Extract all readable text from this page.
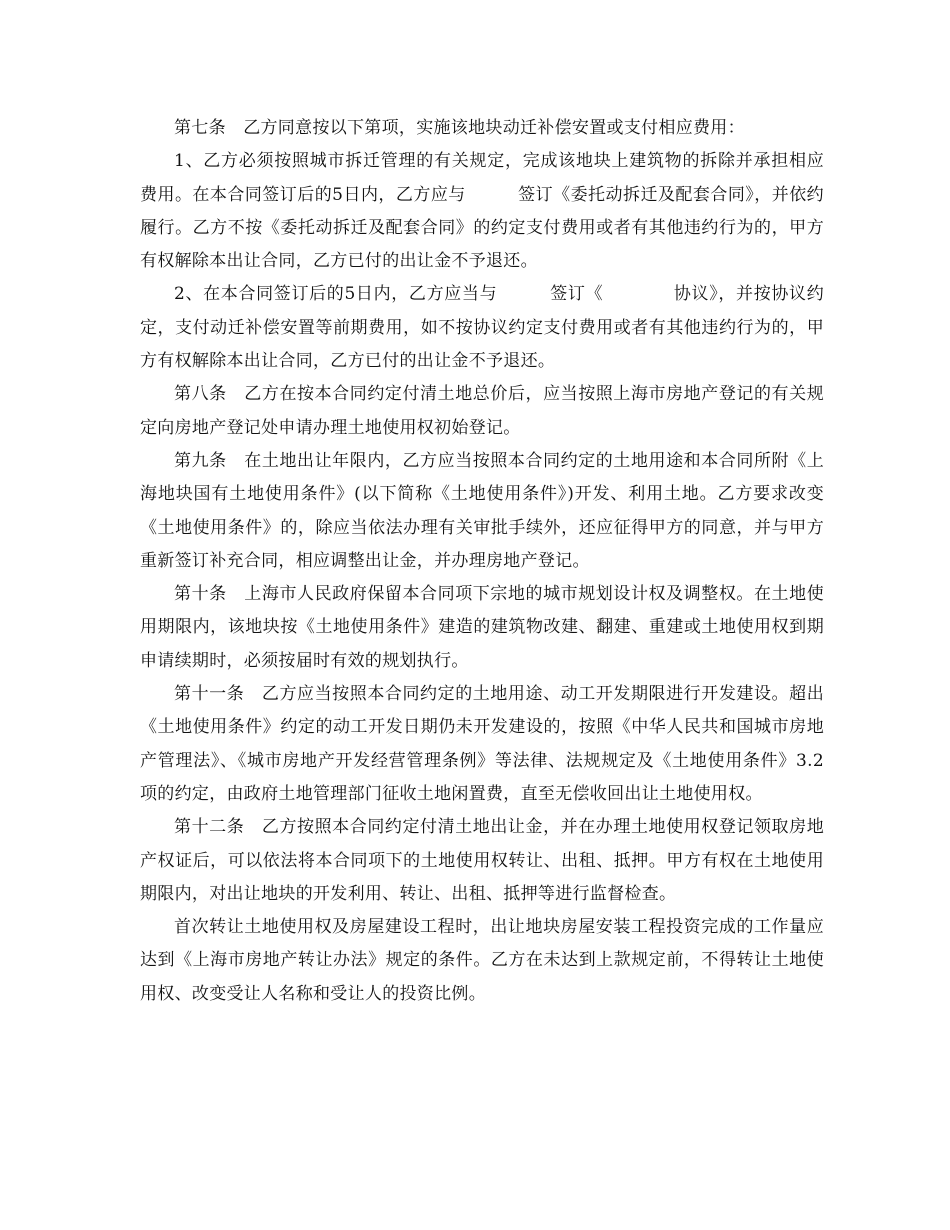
第七条　乙方同意按以下第项，实施该地块动迁补偿安置或支付相应费用：

1、乙方必须按照城市拆迁管理的有关规定，完成该地块上建筑物的拆除并承担相应费用。在本合同签订后的5日内，乙方应与　　　签订《委托动拆迁及配套合同》，并依约履行。乙方不按《委托动拆迁及配套合同》的约定支付费用或者有其他违约行为的，甲方有权解除本出让合同，乙方已付的出让金不予退还。

2、在本合同签订后的5日内，乙方应当与　　　签订《　　　　协议》，并按协议约定，支付动迁补偿安置等前期费用，如不按协议约定支付费用或者有其他违约行为的，甲方有权解除本出让合同，乙方已付的出让金不予退还。

第八条　乙方在按本合同约定付清土地总价后，应当按照上海市房地产登记的有关规定向房地产登记处申请办理土地使用权初始登记。

第九条　在土地出让年限内，乙方应当按照本合同约定的土地用途和本合同所附《上海地块国有土地使用条件》(以下简称《土地使用条件》)开发、利用土地。乙方要求改变《土地使用条件》的，除应当依法办理有关审批手续外，还应征得甲方的同意，并与甲方重新签订补充合同，相应调整出让金，并办理房地产登记。

第十条　上海市人民政府保留本合同项下宗地的城市规划设计权及调整权。在土地使用期限内，该地块按《土地使用条件》建造的建筑物改建、翻建、重建或土地使用权到期申请续期时，必须按届时有效的规划执行。

第十一条　乙方应当按照本合同约定的土地用途、动工开发期限进行开发建设。超出《土地使用条件》约定的动工开发日期仍未开发建设的，按照《中华人民共和国城市房地产管理法》、《城市房地产开发经营管理条例》等法律、法规规定及《土地使用条件》3.2项的约定，由政府土地管理部门征收土地闲置费，直至无偿收回出让土地使用权。

第十二条　乙方按照本合同约定付清土地出让金，并在办理土地使用权登记领取房地产权证后，可以依法将本合同项下的土地使用权转让、出租、抵押。甲方有权在土地使用期限内，对出让地块的开发利用、转让、出租、抵押等进行监督检查。

首次转让土地使用权及房屋建设工程时，出让地块房屋安装工程投资完成的工作量应达到《上海市房地产转让办法》规定的条件。乙方在未达到上款规定前，不得转让土地使用权、改变受让人名称和受让人的投资比例。
